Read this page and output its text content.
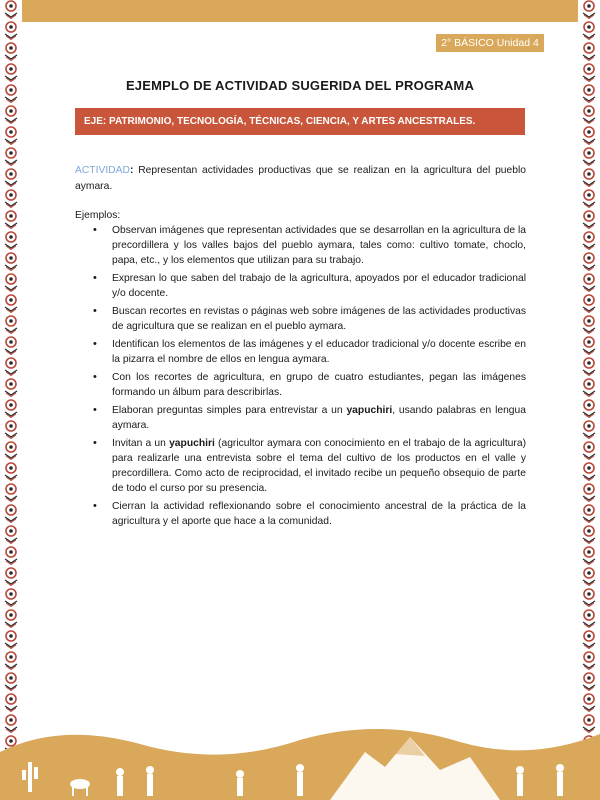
2° BÁSICO Unidad 4
EJEMPLO DE ACTIVIDAD SUGERIDA DEL PROGRAMA
EJE: PATRIMONIO, TECNOLOGÍA, TÉCNICAS, CIENCIA, Y ARTES ANCESTRALES.

ACTIVIDAD: Representan actividades productivas que se realizan en la agricultura del pueblo aymara.

Ejemplos:

• Observan imágenes que representan actividades que se desarrollan en la agricultura de la precordillera y los valles bajos del pueblo aymara, tales como: cultivo tomate, choclo, papa, etc., y los elementos que utilizan para su trabajo.
• Expresan lo que saben del trabajo de la agricultura, apoyados por el educador tradicional y/o docente.
• Buscan recortes en revistas o páginas web sobre imágenes de las actividades productivas de agricultura que se realizan en el pueblo aymara.
• Identifican los elementos de las imágenes y el educador tradicional y/o docente escribe en la pizarra el nombre de ellos en lengua aymara.
• Con los recortes de agricultura, en grupo de cuatro estudiantes, pegan las imágenes formando un álbum para describirlas.
• Elaboran preguntas simples para entrevistar a un yapuchiri, usando palabras en lengua aymara.
• Invitan a un yapuchiri (agricultor aymara con conocimiento en el trabajo de la agricultura) para realizarle una entrevista sobre el tema del cultivo de los productos en el valle y precordillera. Como acto de reciprocidad, el invitado recibe un pequeño obsequio de parte de todo el curso por su presencia.
• Cierran la actividad reflexionando sobre el conocimiento ancestral de la práctica de la agricultura y el aporte que hace a la comunidad.
